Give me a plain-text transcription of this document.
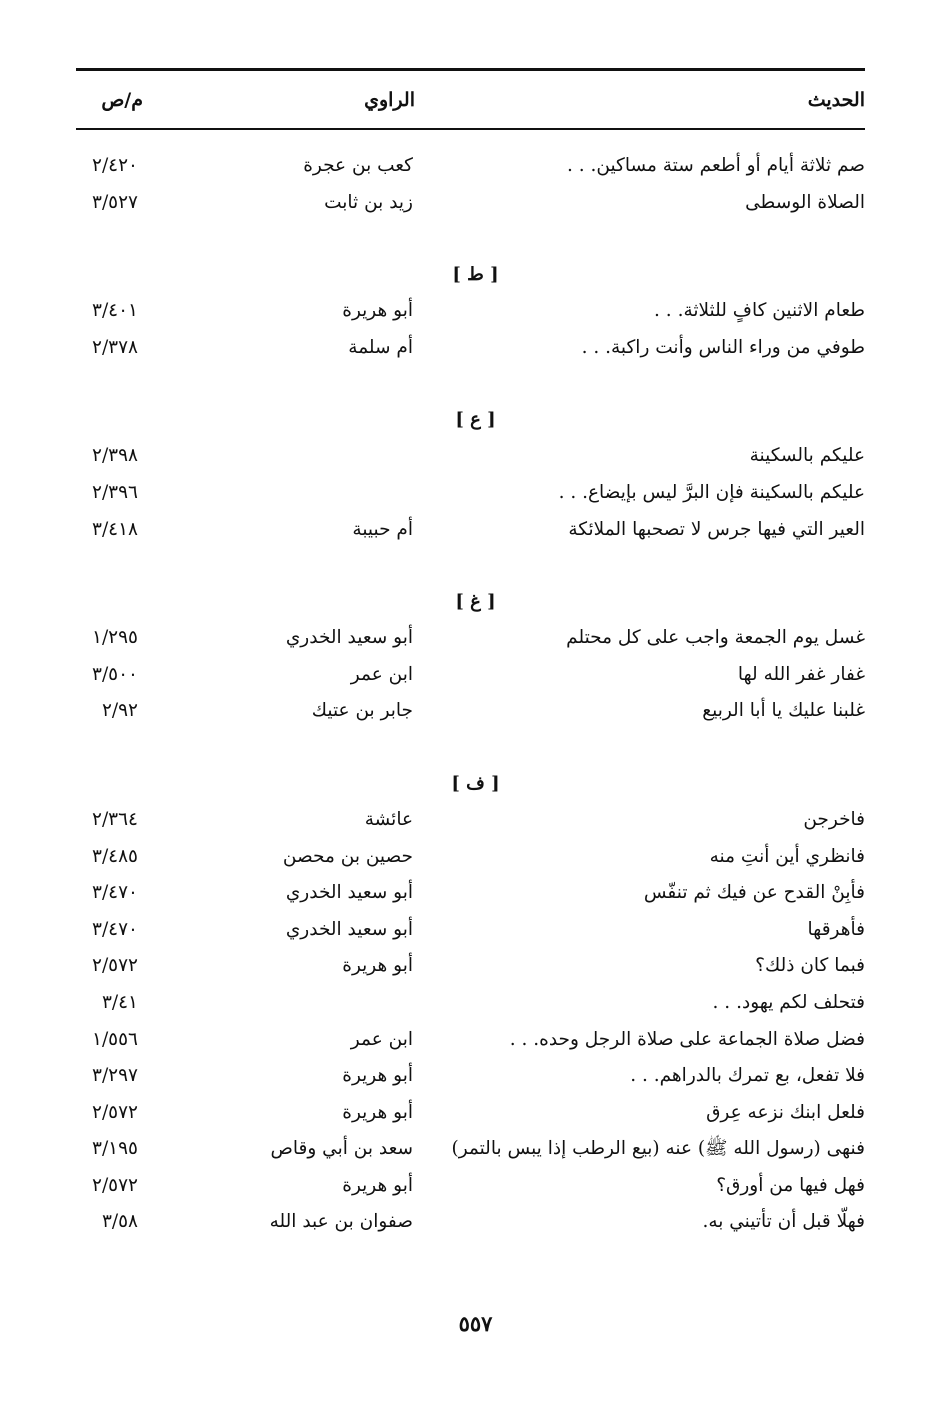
الحديث
الراوي
م/ص
صم ثلاثة أيام أو أطعم ستة مساكين. . .
كعب بن عجرة
٢/٤٢٠
الصلاة الوسطى
زيد بن ثابت
٣/٥٢٧
[ ط ]
طعام الاثنين كافٍ للثلاثة. . .
أبو هريرة
٣/٤٠١
طوفي من وراء الناس وأنت راكبة. . .
أم سلمة
٢/٣٧٨
[ ع ]
عليكم بالسكينة
٢/٣٩٨
عليكم بالسكينة فإن البرَّ ليس بإيضاع. . .
٢/٣٩٦
العير التي فيها جرس لا تصحبها الملائكة
أم حبيبة
٣/٤١٨
[ غ ]
غسل يوم الجمعة واجب على كل محتلم
أبو سعيد الخدري
١/٢٩٥
غفار غفر الله لها
ابن عمر
٣/٥٠٠
غلبنا عليك يا أبا الربيع
جابر بن عتيك
٢/٩٢
[ ف ]
فاخرجن
عائشة
٢/٣٦٤
فانظري أين أنتِ منه
حصين بن محصن
٣/٤٨٥
فأبِنْ القدح عن فيك ثم تنفّس
أبو سعيد الخدري
٣/٤٧٠
فأهرقها
أبو سعيد الخدري
٣/٤٧٠
فبما كان ذلك؟
أبو هريرة
٢/٥٧٢
فتحلف لكم يهود. . .
٣/٤١
فضل صلاة الجماعة على صلاة الرجل وحده. . .
ابن عمر
١/٥٥٦
فلا تفعل، بع تمرك بالدراهم. . .
أبو هريرة
٣/٢٩٧
فلعل ابنك نزعه عِرق
أبو هريرة
٢/٥٧٢
فنهى (رسول الله ﷺ) عنه (بيع الرطب إذا يبس بالتمر)
سعد بن أبي وقاص
٣/١٩٥
فهل فيها من أورق؟
أبو هريرة
٢/٥٧٢
فهلّا قبل أن تأتيني به.
صفوان بن عبد الله
٣/٥٨
٥٥٧
